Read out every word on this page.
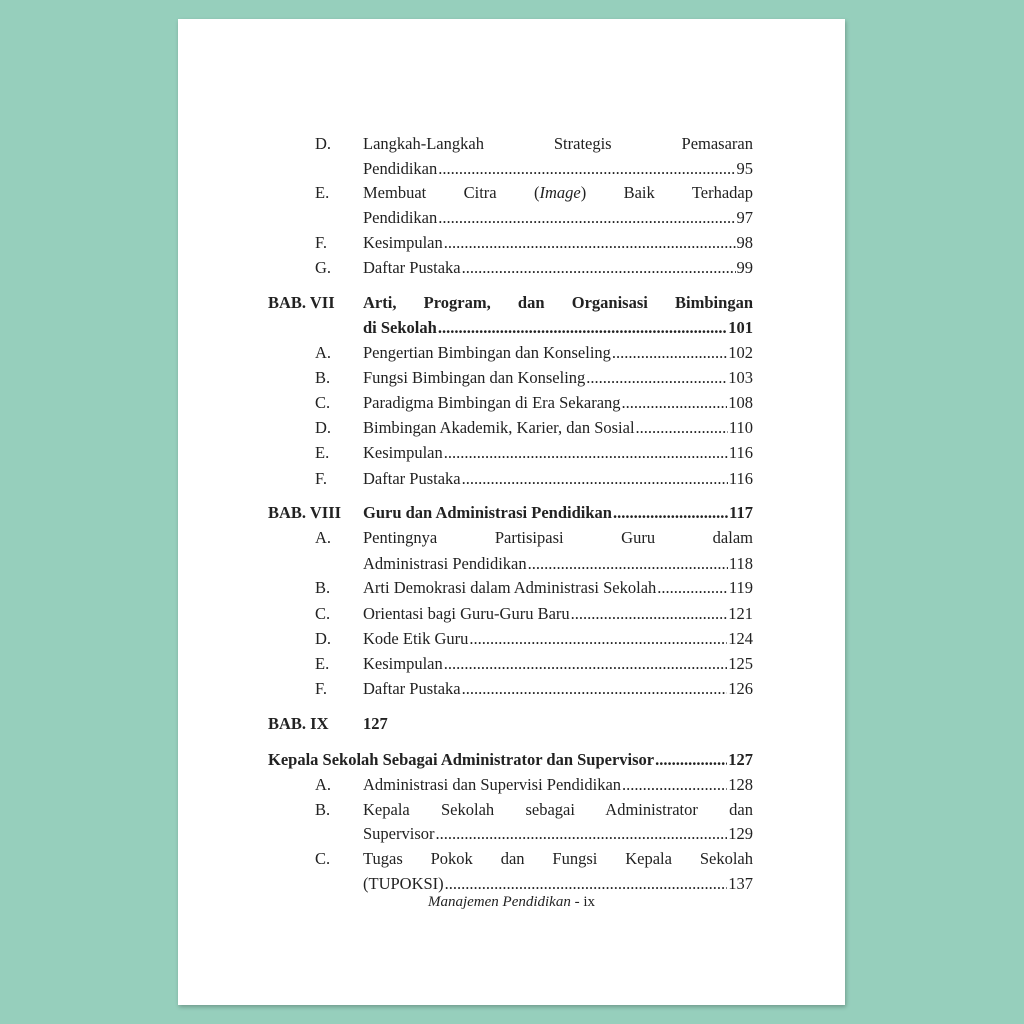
D. Langkah-Langkah Strategis Pemasaran
Pendidikan .....	95
E. Membuat Citra (Image) Baik Terhadap
Pendidikan .....	97
F. Kesimpulan .....	98
G. Daftar Pustaka .....	99
BAB. VII Arti, Program, dan Organisasi Bimbingan
di Sekolah .....	101
A. Pengertian Bimbingan dan Konseling .....	102
B. Fungsi Bimbingan dan Konseling .....	103
C. Paradigma Bimbingan di Era Sekarang .....	108
D. Bimbingan Akademik, Karier, dan Sosial .....	110
E. Kesimpulan .....	116
F. Daftar Pustaka .....	116
BAB. VIII Guru dan Administrasi Pendidikan .....	117
A. Pentingnya Partisipasi Guru dalam
Administrasi Pendidikan .....	118
B. Arti Demokrasi dalam Administrasi Sekolah .....	119
C. Orientasi bagi Guru-Guru Baru .....	121
D. Kode Etik Guru .....	124
E. Kesimpulan .....	125
F. Daftar Pustaka .....	126
BAB. IX 127
Kepala Sekolah Sebagai Administrator dan Supervisor .....	127
A. Administrasi dan Supervisi Pendidikan .....	128
B. Kepala Sekolah sebagai Administrator dan
Supervisor .....	129
C. Tugas Pokok dan Fungsi Kepala Sekolah
(TUPOKSI) .....	137
Manajemen Pendidikan - ix
